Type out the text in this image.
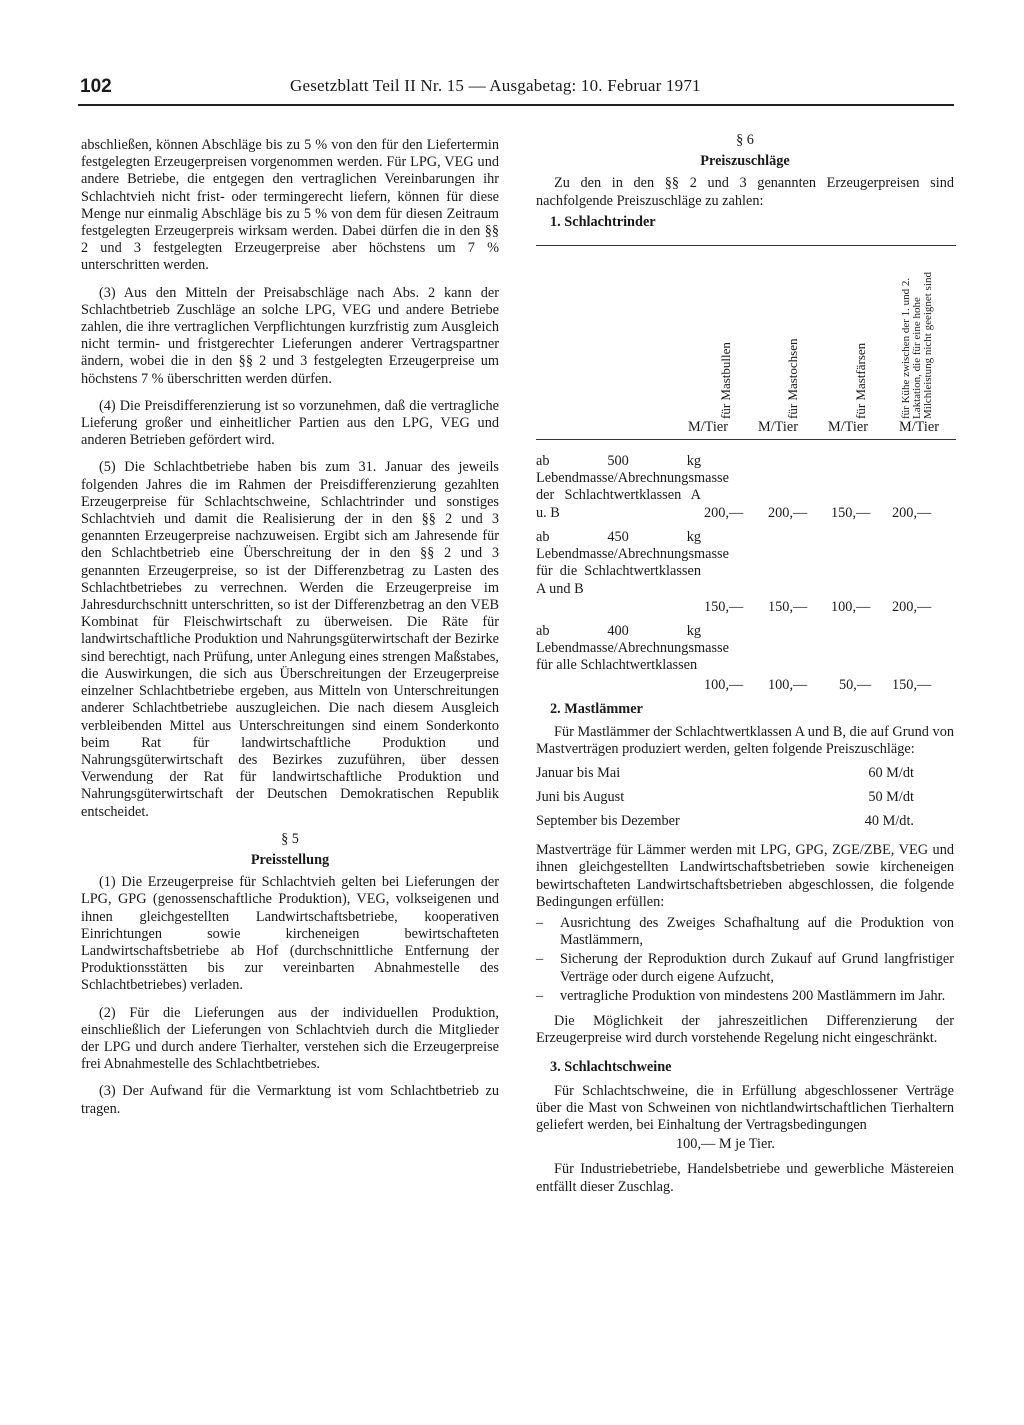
102	Gesetzblatt Teil II Nr. 15 — Ausgabetag: 10. Februar 1971

abschließen, können Abschläge bis zu 5 % von den für den Liefertermin festgelegten Erzeugerpreisen vorgenommen werden. Für LPG, VEG und andere Betriebe, die entgegen den vertraglichen Vereinbarungen ihr Schlachtvieh nicht frist- oder termingerecht liefern, können für diese Menge nur einmalig Abschläge bis zu 5 % von dem für diesen Zeitraum festgelegten Erzeugerpreis wirksam werden. Dabei dürfen die in den §§ 2 und 3 festgelegten Erzeugerpreise aber höchstens um 7 % unterschritten werden.

(3) Aus den Mitteln der Preisabschläge nach Abs. 2 kann der Schlachtbetrieb Zuschläge an solche LPG, VEG und andere Betriebe zahlen, die ihre vertraglichen Verpflichtungen kurzfristig zum Ausgleich nicht termin- und fristgerechter Lieferungen anderer Vertragspartner ändern, wobei die in den §§ 2 und 3 festgelegten Erzeugerpreise um höchstens 7 % überschritten werden dürfen.

(4) Die Preisdifferenzierung ist so vorzunehmen, daß die vertragliche Lieferung großer und einheitlicher Partien aus den LPG, VEG und anderen Betrieben gefördert wird.

(5) Die Schlachtbetriebe haben bis zum 31. Januar des jeweils folgenden Jahres die im Rahmen der Preisdifferenzierung gezahlten Erzeugerpreise für Schlachtschweine, Schlachtrinder und sonstiges Schlachtvieh und damit die Realisierung der in den §§ 2 und 3 genannten Erzeugerpreise nachzuweisen. Ergibt sich am Jahresende für den Schlachtbetrieb eine Überschreitung der in den §§ 2 und 3 genannten Erzeugerpreise, so ist der Differenzbetrag zu Lasten des Schlachtbetriebes zu verrechnen. Werden die Erzeugerpreise im Jahresdurchschnitt unterschritten, so ist der Differenzbetrag an den VEB Kombinat für Fleischwirtschaft zu überweisen. Die Räte für landwirtschaftliche Produktion und Nahrungsgüterwirtschaft der Bezirke sind berechtigt, nach Prüfung, unter Anlegung eines strengen Maßstabes, die Auswirkungen, die sich aus Überschreitungen der Erzeugerpreise einzelner Schlachtbetriebe ergeben, aus Mitteln von Unterschreitungen anderer Schlachtbetriebe auszugleichen. Die nach diesem Ausgleich verbleibenden Mittel aus Unterschreitungen sind einem Sonderkonto beim Rat für landwirtschaftliche Produktion und Nahrungsgüterwirtschaft des Bezirkes zuzuführen, über dessen Verwendung der Rat für landwirtschaftliche Produktion und Nahrungsgüterwirtschaft der Deutschen Demokratischen Republik entscheidet.

§ 5
Preisstellung

(1) Die Erzeugerpreise für Schlachtvieh gelten bei Lieferungen der LPG, GPG (genossenschaftliche Produktion), VEG, volkseigenen und ihnen gleichgestellten Landwirtschaftsbetriebe, kooperativen Einrichtungen sowie kircheneigen bewirtschafteten Landwirtschaftsbetriebe ab Hof (durchschnittliche Entfernung der Produktionsstätten bis zur vereinbarten Abnahmestelle des Schlachtbetriebes) verladen.

(2) Für die Lieferungen aus der individuellen Produktion, einschließlich der Lieferungen von Schlachtvieh durch die Mitglieder der LPG und durch andere Tierhalter, verstehen sich die Erzeugerpreise frei Abnahmestelle des Schlachtbetriebes.

(3) Der Aufwand für die Vermarktung ist vom Schlachtbetrieb zu tragen.

§ 6
Preiszuschläge

Zu den in den §§ 2 und 3 genannten Erzeugerpreisen sind nachfolgende Preiszuschläge zu zahlen:

1. Schlachtrinder
für Mastbullen	für Mastochsen	für Mastfärsen	für Kühe zwischen der 1. und 2. Laktation, die für eine hohe Milchleistung nicht geeignet sind
M/Tier M/Tier M/Tier M/Tier
ab 500 kg Lebendmasse/Abrechnungsmasse der Schlachtwertklassen A u. B	200,— 200,— 150,— 200,—
ab 450 kg Lebendmasse/Abrechnungsmasse für die Schlachtwertklassen A und B
150,— 150,— 100,— 200,—
ab 400 kg Lebendmasse/Abrechnungsmasse für alle Schlachtwertklassen
100,— 100,— 50,— 150,—
2. Mastlämmer

Für Mastlämmer der Schlachtwertklassen A und B, die auf Grund von Mastverträgen produziert werden, gelten folgende Preiszuschläge:

Januar bis Mai	60 M/dt
Juni bis August	50 M/dt
September bis Dezember	40 M/dt.

Mastverträge für Lämmer werden mit LPG, GPG, ZGE/ZBE, VEG und ihnen gleichgestellten Landwirtschaftsbetrieben sowie kircheneigen bewirtschafteten Landwirtschaftsbetrieben abgeschlossen, die folgende Bedingungen erfüllen:

–	Ausrichtung des Zweiges Schafhaltung auf die Produktion von Mastlämmern,
–	Sicherung der Reproduktion durch Zukauf auf Grund langfristiger Verträge oder durch eigene Aufzucht,
–	vertragliche Produktion von mindestens 200 Mastlämmern im Jahr.

Die Möglichkeit der jahreszeitlichen Differenzierung der Erzeugerpreise wird durch vorstehende Regelung nicht eingeschränkt.

3. Schlachtschweine

Für Schlachtschweine, die in Erfüllung abgeschlossener Verträge über die Mast von Schweinen von nichtlandwirtschaftlichen Tierhaltern geliefert werden, bei Einhaltung der Vertragsbedingungen

100,— M je Tier.

Für Industriebetriebe, Handelsbetriebe und gewerbliche Mästereien entfällt dieser Zuschlag.
